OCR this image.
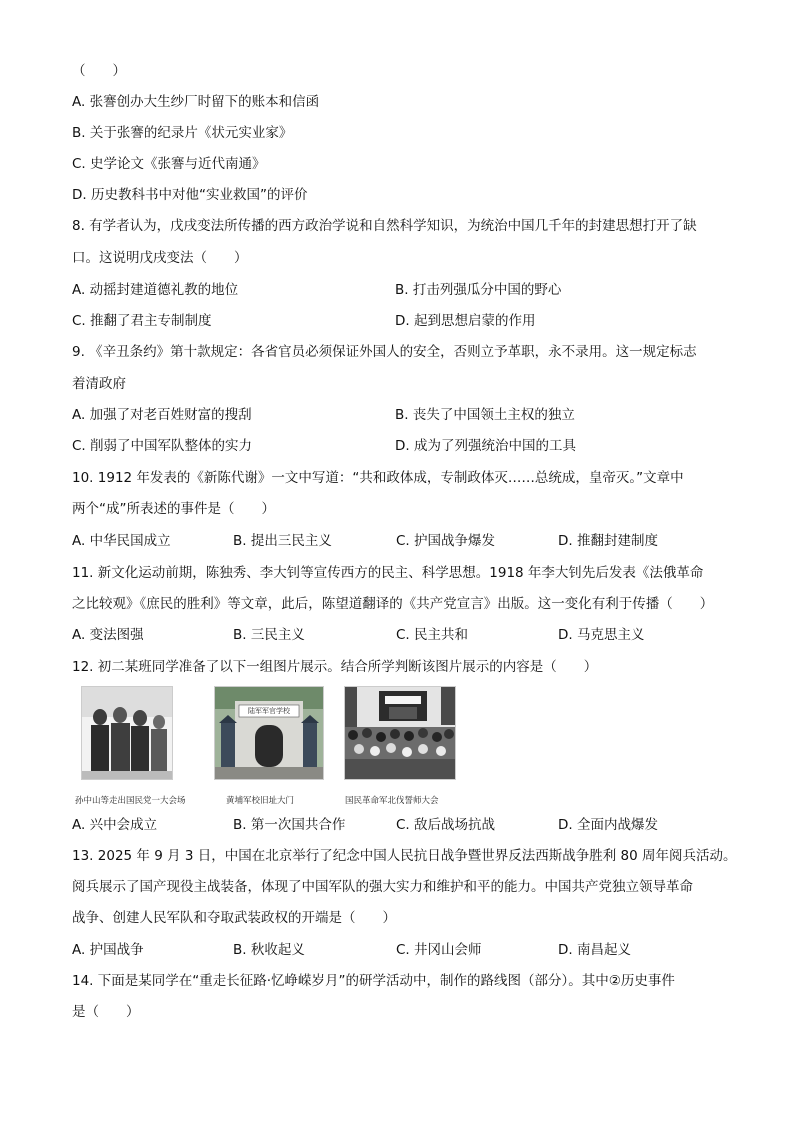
（　　）
A. 张謇创办大生纱厂时留下的账本和信函
B. 关于张謇的纪录片《状元实业家》
C. 史学论文《张謇与近代南通》
D. 历史教科书中对他“实业救国”的评价
8. 有学者认为，戊戌变法所传播的西方政治学说和自然科学知识，为统治中国几千年的封建思想打开了缺
口。这说明戊戌变法（　　）
A. 动摇封建道德礼教的地位	B. 打击列强瓜分中国的野心
C. 推翻了君主专制制度	D. 起到思想启蒙的作用
9. 《辛丑条约》第十款规定：各省官员必须保证外国人的安全，否则立予革职，永不录用。这一规定标志
着清政府
A. 加强了对老百姓财富的搜刮	B. 丧失了中国领土主权的独立
C. 削弱了中国军队整体的实力	D. 成为了列强统治中国的工具
10. 1912 年发表的《新陈代谢》一文中写道：“共和政体成，专制政体灭……总统成，皇帝灭。”文章中
两个“成”所表述的事件是（　　）
A. 中华民国成立	B. 提出三民主义	C. 护国战争爆发	D. 推翻封建制度
11. 新文化运动前期，陈独秀、李大钊等宣传西方的民主、科学思想。1918 年李大钊先后发表《法俄革命
之比较观》《庶民的胜利》等文章，此后，陈望道翻译的《共产党宣言》出版。这一变化有利于传播（　　）
A. 变法图强	B. 三民主义	C. 民主共和	D. 马克思主义
12. 初二某班同学准备了以下一组图片展示。结合所学判断该图片展示的内容是（　　）
陆军军官学校
孙中山等走出国民党一大会场	黄埔军校旧址大门	国民革命军北伐誓师大会
A. 兴中会成立	B. 第一次国共合作	C. 敌后战场抗战	D. 全面内战爆发
13. 2025 年 9 月 3 日，中国在北京举行了纪念中国人民抗日战争暨世界反法西斯战争胜利 80 周年阅兵活动。
阅兵展示了国产现役主战装备，体现了中国军队的强大实力和维护和平的能力。中国共产党独立领导革命
战争、创建人民军队和夺取武装政权的开端是（　　）
A. 护国战争	B. 秋收起义	C. 井冈山会师	D. 南昌起义
14. 下面是某同学在“重走长征路·忆峥嵘岁月”的研学活动中，制作的路线图（部分）。其中②历史事件
是（　　）
